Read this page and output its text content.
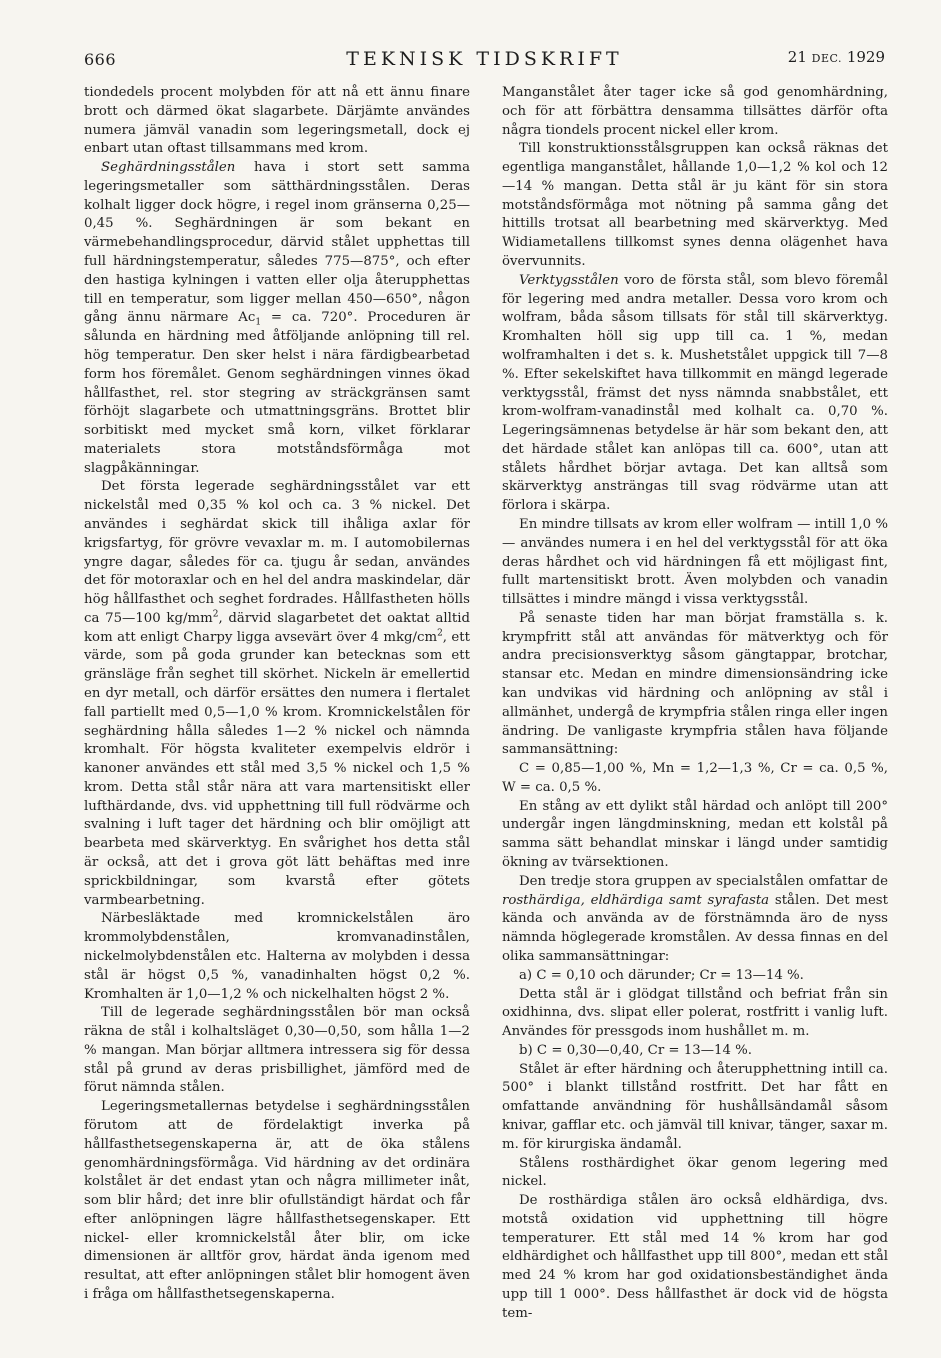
666	TEKNISK TIDSKRIFT	21 DEC. 1929

tiondedels procent molybden för att nå ett ännu finare brott och därmed ökat slagarbete. Därjämte användes numera jämväl vanadin som legeringsmetall, dock ej enbart utan oftast tillsammans med krom.

Seghärdningsstålen hava i stort sett samma legeringsmetaller som sätthärdningsstålen. Deras kolhalt ligger dock högre, i regel inom gränserna 0,25—0,45 %. Seghärdningen är som bekant en värmebehandlingsprocedur, därvid stålet upphettas till full härdningstemperatur, således 775—875°, och efter den hastiga kylningen i vatten eller olja återupphettas till en temperatur, som ligger mellan 450—650°, någon gång ännu närmare $Ac_1$ = ca. 720°. Proceduren är sålunda en härdning med åtföljande anlöpning till rel. hög temperatur. Den sker helst i nära färdigbearbetad form hos föremålet. Genom seghärdningen vinnes ökad hållfasthet, rel. stor stegring av sträckgränsen samt förhöjt slagarbete och utmattningsgräns. Brottet blir sorbitiskt med mycket små korn, vilket förklarar materialets stora motståndsförmåga mot slagpåkänningar.

Det första legerade seghärdningsstålet var ett nickelstål med 0,35 % kol och ca. 3 % nickel. Det användes i seghärdat skick till ihåliga axlar för krigsfartyg, för grövre vevaxlar m. m. I automobilernas yngre dagar, således för ca. tjugu år sedan, användes det för motoraxlar och en hel del andra maskindelar, där hög hållfasthet och seghet fordrades. Hållfastheten hölls ca 75—100 $kg/mm^2$, därvid slagarbetet det oaktat alltid kom att enligt Charpy ligga avsevärt över 4 mkg/$cm^2$, ett värde, som på goda grunder kan betecknas som ett gränsläge från seghet till skörhet. Nickeln är emellertid en dyr metall, och därför ersättes den numera i flertalet fall partiellt med 0,5—1,0 % krom. Kromnickelstålen för seghärdning hålla således 1—2 % nickel och nämnda kromhalt. För högsta kvaliteter exempelvis eldrör i kanoner användes ett stål med 3,5 % nickel och 1,5 % krom. Detta stål står nära att vara martensitiskt eller lufthärdande, dvs. vid upphettning till full rödvärme och svalning i luft tager det härdning och blir omöjligt att bearbeta med skärverktyg. En svårighet hos detta stål är också, att det i grova göt lätt behäftas med inre sprickbildningar, som kvarstå efter götets varmbearbetning.

Närbesläktade med kromnickelstålen äro krommolybdenstålen, kromvanadinstålen, nickelmolybdenstålen etc. Halterna av molybden i dessa stål är högst 0,5 %, vanadinhalten högst 0,2 %. Kromhalten är 1,0—1,2 % och nickelhalten högst 2 %.

Till de legerade seghärdningsstålen bör man också räkna de stål i kolhaltsläget 0,30—0,50, som hålla 1—2 % mangan. Man börjar alltmera intressera sig för dessa stål på grund av deras prisbillighet, jämförd med de förut nämnda stålen.

Legeringsmetallernas betydelse i seghärdningsstålen förutom att de fördelaktigt inverka på hållfasthetsegenskaperna är, att de öka stålens genomhärdningsförmåga. Vid härdning av det ordinära kolstålet är det endast ytan och några millimeter inåt, som blir hård; det inre blir ofullständigt härdat och får efter anlöpningen lägre hållfasthetsegenskaper. Ett nickel- eller kromnickelstål åter blir, om icke dimensionen är alltför grov, härdat ända igenom med resultat, att efter anlöpningen stålet blir homogent även i fråga om hållfasthetsegenskaperna.

Manganstålet åter tager icke så god genomhärdning, och för att förbättra densamma tillsättes därför ofta några tiondels procent nickel eller krom.

Till konstruktionsstålsgruppen kan också räknas det egentliga manganstålet, hållande 1,0—1,2 % kol och 12—14 % mangan. Detta stål är ju känt för sin stora motståndsförmåga mot nötning på samma gång det hittills trotsat all bearbetning med skärverktyg. Med Widiametallens tillkomst synes denna olägenhet hava övervunnits.

Verktygsstålen voro de första stål, som blevo föremål för legering med andra metaller. Dessa voro krom och wolfram, båda såsom tillsats för stål till skärverktyg. Kromhalten höll sig upp till ca. 1 %, medan wolframhalten i det s. k. Mushetstålet uppgick till 7—8 %. Efter sekelskiftet hava tillkommit en mängd legerade verktygsstål, främst det nyss nämnda snabbstålet, ett krom-wolfram-vanadinstål med kolhalt ca. 0,70 %. Legeringsämnenas betydelse är här som bekant den, att det härdade stålet kan anlöpas till ca. 600°, utan att stålets hårdhet börjar avtaga. Det kan alltså som skärverktyg ansträngas till svag rödvärme utan att förlora i skärpa.

En mindre tillsats av krom eller wolfram — intill 1,0 % — användes numera i en hel del verktygsstål för att öka deras hårdhet och vid härdningen få ett möjligast fint, fullt martensitiskt brott. Även molybden och vanadin tillsättes i mindre mängd i vissa verktygsstål.

På senaste tiden har man börjat framställa s. k. krympfritt stål att användas för mätverktyg och för andra precisionsverktyg såsom gängtappar, brotchar, stansar etc. Medan en mindre dimensionsändring icke kan undvikas vid härdning och anlöpning av stål i allmänhet, undergå de krympfria stålen ringa eller ingen ändring. De vanligaste krympfria stålen hava följande sammansättning:

C = 0,85—1,00 %, Mn = 1,2—1,3 %, Cr = ca. 0,5 %, W = ca. 0,5 %.

En stång av ett dylikt stål härdad och anlöpt till 200° undergår ingen längdminskning, medan ett kolstål på samma sätt behandlat minskar i längd under samtidig ökning av tvärsektionen.

Den tredje stora gruppen av specialstålen omfattar de rosthärdiga, eldhärdiga samt syrafasta stålen. Det mest kända och använda av de förstnämnda äro de nyss nämnda höglegerade kromstålen. Av dessa finnas en del olika sammansättningar:

a) C = 0,10 och därunder; Cr = 13—14 %.

Detta stål är i glödgat tillstånd och befriat från sin oxidhinna, dvs. slipat eller polerat, rostfritt i vanlig luft. Användes för pressgods inom hushållet m. m.

b) C = 0,30—0,40, Cr = 13—14 %.

Stålet är efter härdning och återupphettning intill ca. 500° i blankt tillstånd rostfritt. Det har fått en omfattande användning för hushållsändamål såsom knivar, gafflar etc. och jämväl till knivar, tänger, saxar m. m. för kirurgiska ändamål.

Stålens rosthärdighet ökar genom legering med nickel.

De rosthärdiga stålen äro också eldhärdiga, dvs. motstå oxidation vid upphettning till högre temperaturer. Ett stål med 14 % krom har god eldhärdighet och hållfasthet upp till 800°, medan ett stål med 24 % krom har god oxidationsbeständighet ända upp till 1 000°. Dess hållfasthet är dock vid de högsta tem-
